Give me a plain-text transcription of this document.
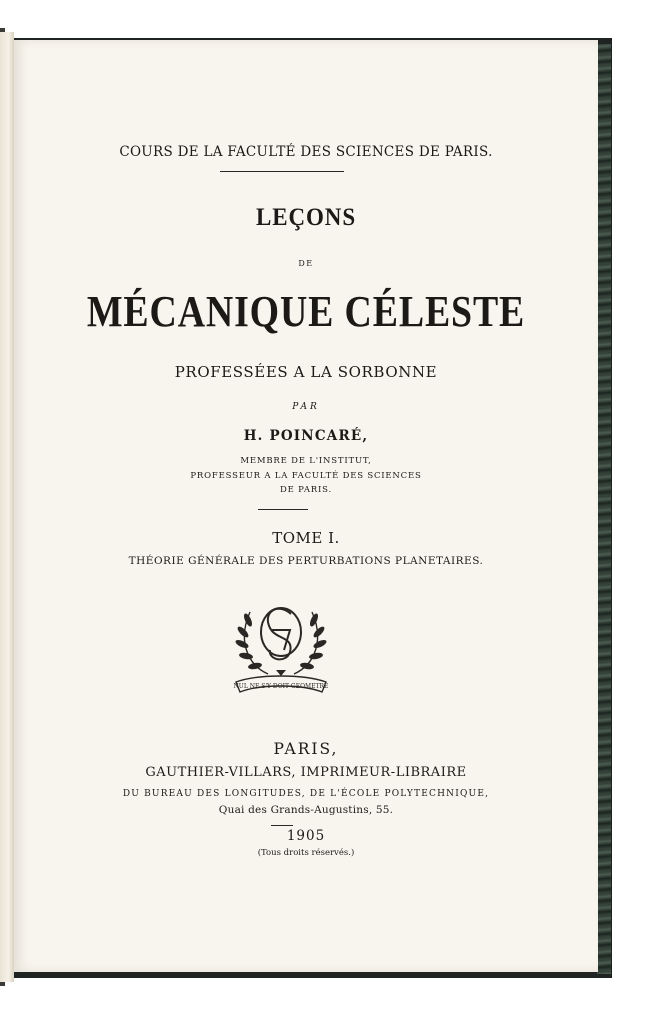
COURS DE LA FACULTÉ DES SCIENCES DE PARIS.
LEÇONS
DE
MÉCANIQUE CÉLESTE
PROFESSÉES A LA SORBONNE
PAR
H. POINCARÉ,
MEMBRE DE L'INSTITUT,
PROFESSEUR A LA FACULTÉ DES SCIENCES
DE PARIS.
TOME I.
THÉORIE GÉNÉRALE DES PERTURBATIONS PLANETAIRES.
NUL NE S'Y DOIT GEOMETRE
PARIS,
GAUTHIER-VILLARS, IMPRIMEUR-LIBRAIRE
DU BUREAU DES LONGITUDES, DE L'ÉCOLE POLYTECHNIQUE,
Quai des Grands-Augustins, 55.
1905
(Tous droits réservés.)
